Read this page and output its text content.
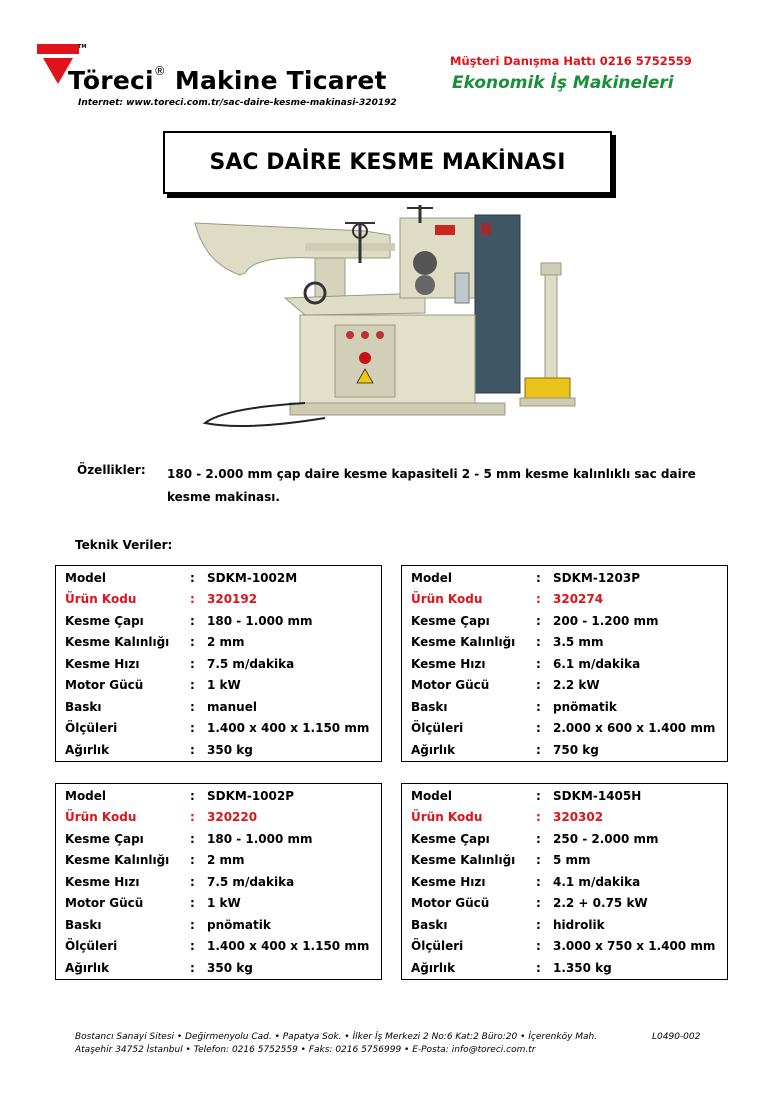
TM
Töreci® Makine Ticaret
Internet: www.toreci.com.tr/sac-daire-kesme-makinasi-320192
Müşteri Danışma Hattı 0216 5752559
Ekonomik İş Makineleri
SAC DAİRE KESME MAKİNASI
Özellikler: 180 - 2.000 mm çap daire kesme kapasiteli 2 - 5 mm kesme kalınlıklı sac daire kesme makinası.
Teknik Veriler:
Model	:	SDKM-1002M
Ürün Kodu	:	320192
Kesme Çapı	:	180 - 1.000 mm
Kesme Kalınlığı	:	2 mm
Kesme Hızı	:	7.5 m/dakika
Motor Gücü	:	1 kW
Baskı	:	manuel
Ölçüleri	:	1.400 x 400 x 1.150 mm
Ağırlık	:	350 kg
Model	:	SDKM-1203P
Ürün Kodu	:	320274
Kesme Çapı	:	200 - 1.200 mm
Kesme Kalınlığı	:	3.5 mm
Kesme Hızı	:	6.1 m/dakika
Motor Gücü	:	2.2 kW
Baskı	:	pnömatik
Ölçüleri	:	2.000 x 600 x 1.400 mm
Ağırlık	:	750 kg
Model	:	SDKM-1002P
Ürün Kodu	:	320220
Kesme Çapı	:	180 - 1.000 mm
Kesme Kalınlığı	:	2 mm
Kesme Hızı	:	7.5 m/dakika
Motor Gücü	:	1 kW
Baskı	:	pnömatik
Ölçüleri	:	1.400 x 400 x 1.150 mm
Ağırlık	:	350 kg
Model	:	SDKM-1405H
Ürün Kodu	:	320302
Kesme Çapı	:	250 - 2.000 mm
Kesme Kalınlığı	:	5 mm
Kesme Hızı	:	4.1 m/dakika
Motor Gücü	:	2.2 + 0.75 kW
Baskı	:	hidrolik
Ölçüleri	:	3.000 x 750 x 1.400 mm
Ağırlık	:	1.350 kg
Bostancı Sanayi Sitesi • Değirmenyolu Cad. • Papatya Sok. • İlker İş Merkezi 2 No:6 Kat:2 Büro:20 • İçerenköy Mah.
Ataşehir 34752 İstanbul • Telefon: 0216 5752559 • Faks: 0216 5756999 • E-Posta: info@toreci.com.tr
L0490-002
